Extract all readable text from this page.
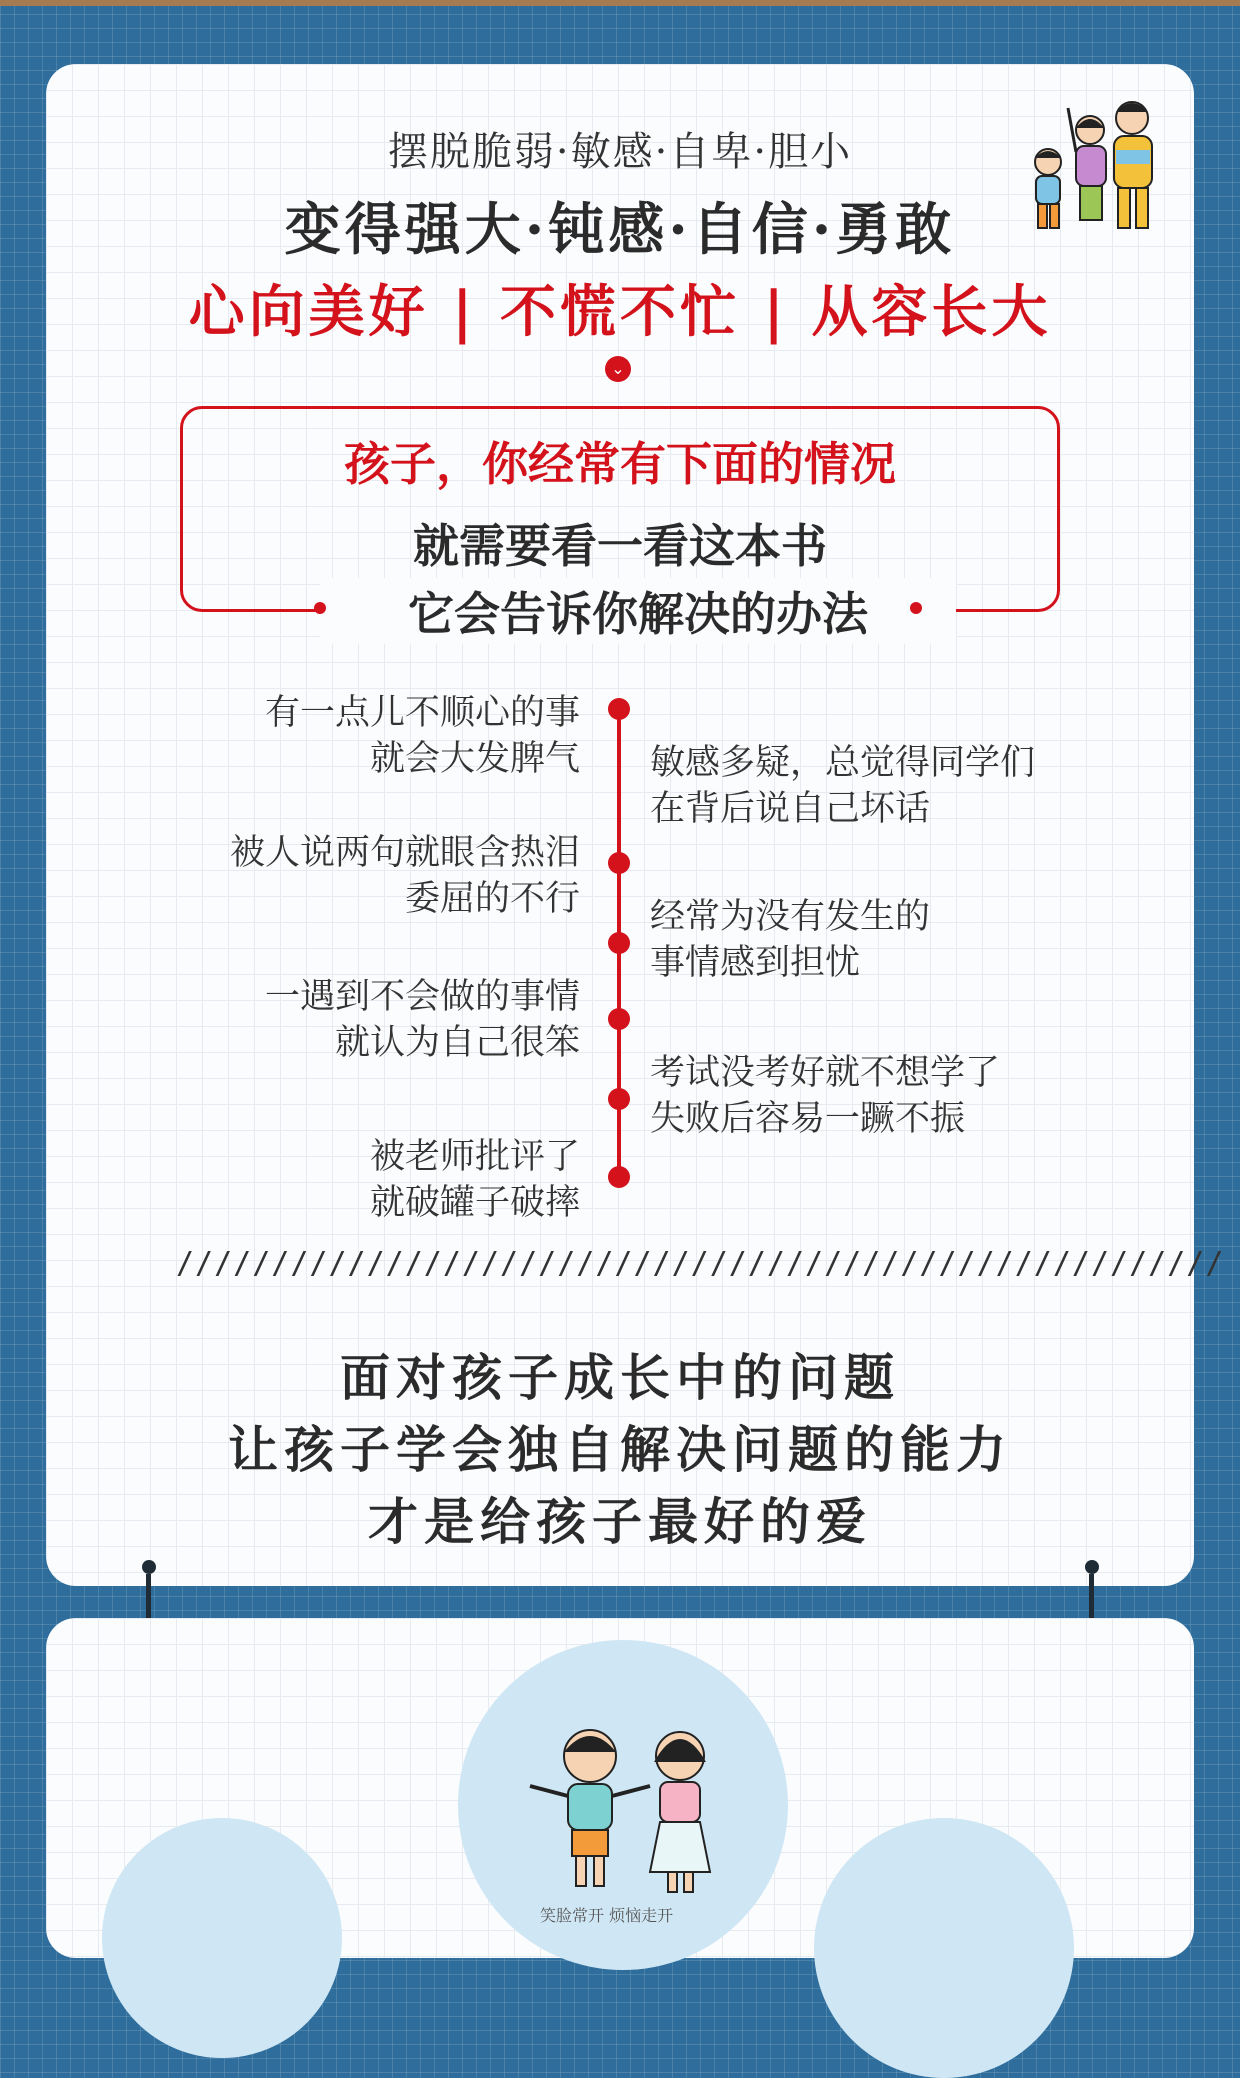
摆脱脆弱·敏感·自卑·胆小
变得强大·钝感·自信·勇敢
心向美好 | 不慌不忙 | 从容长大
⌄
孩子，你经常有下面的情况
就需要看一看这本书
它会告诉你解决的办法
有一点儿不顺心的事
就会大发脾气
被人说两句就眼含热泪
委屈的不行
一遇到不会做的事情
就认为自己很笨
被老师批评了
就破罐子破摔
敏感多疑，总觉得同学们
在背后说自己坏话
经常为没有发生的
事情感到担忧
考试没考好就不想学了
失败后容易一蹶不振
///////////////////////////////////////////////////////
面对孩子成长中的问题
让孩子学会独自解决问题的能力
才是给孩子最好的爱
笑脸常开 烦恼走开
